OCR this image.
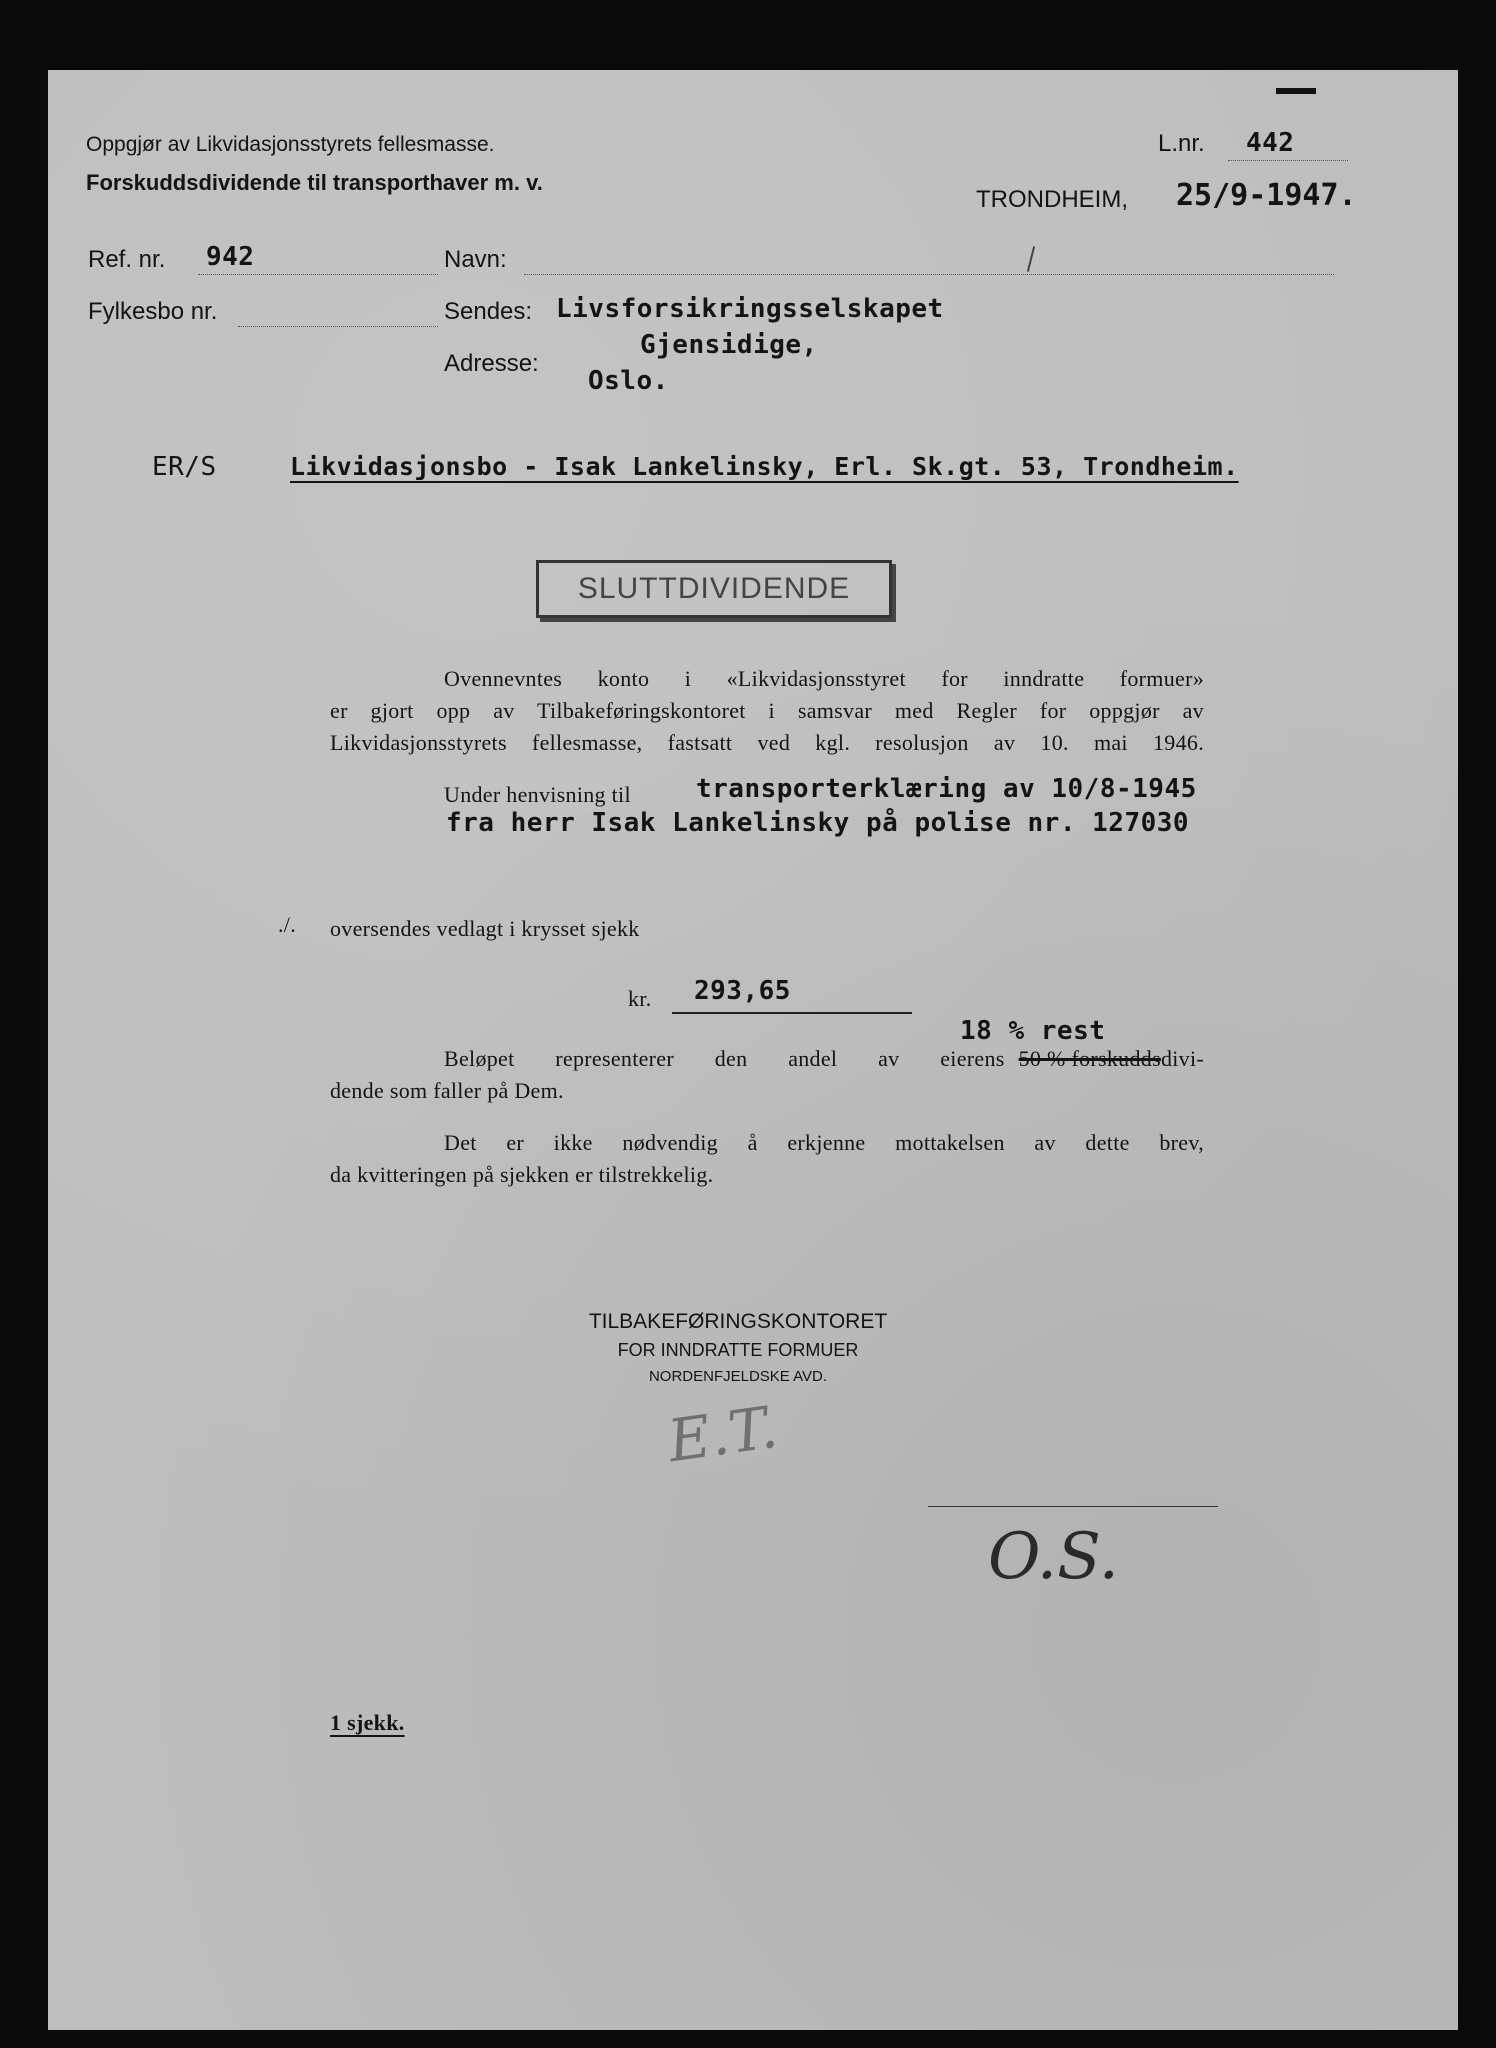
Oppgjør av Likvidasjonsstyrets fellesmasse.
Forskuddsdividende til transporthaver m. v.
L.nr. 442
TRONDHEIM, 25/9-1947.
Ref. nr. 942
Fylkesbo nr.
Navn:
Sendes: Livsforsikringsselskapet
Adresse:
Gjensidige,
Oslo.
ER/S	Likvidasjonsbo - Isak Lankelinsky, Erl. Sk.gt. 53, Trondheim.
SLUTTDIVIDENDE
Ovennevntes konto i «Likvidasjonsstyret for inndratte formuer»
er gjort opp av Tilbakeføringskontoret i samsvar med Regler for oppgjør av
Likvidasjonsstyrets fellesmasse, fastsatt ved kgl. resolusjon av 10. mai 1946.
Under henvisning til	transporterklæring av 10/8-1945
fra herr Isak Lankelinsky på polise nr. 127030
./. oversendes vedlagt i krysset sjekk
kr. 293,65
18 % rest
Beløpet representerer den andel av eierens 50 % forskudds divi-
dende som faller på Dem.
Det er ikke nødvendig å erkjenne mottakelsen av dette brev,
da kvitteringen på sjekken er tilstrekkelig.
TILBAKEFØRINGSKONTORET
FOR INNDRATTE FORMUER
NORDENFJELDSKE AVD.
E.T.
O.S.
1 sjekk.
